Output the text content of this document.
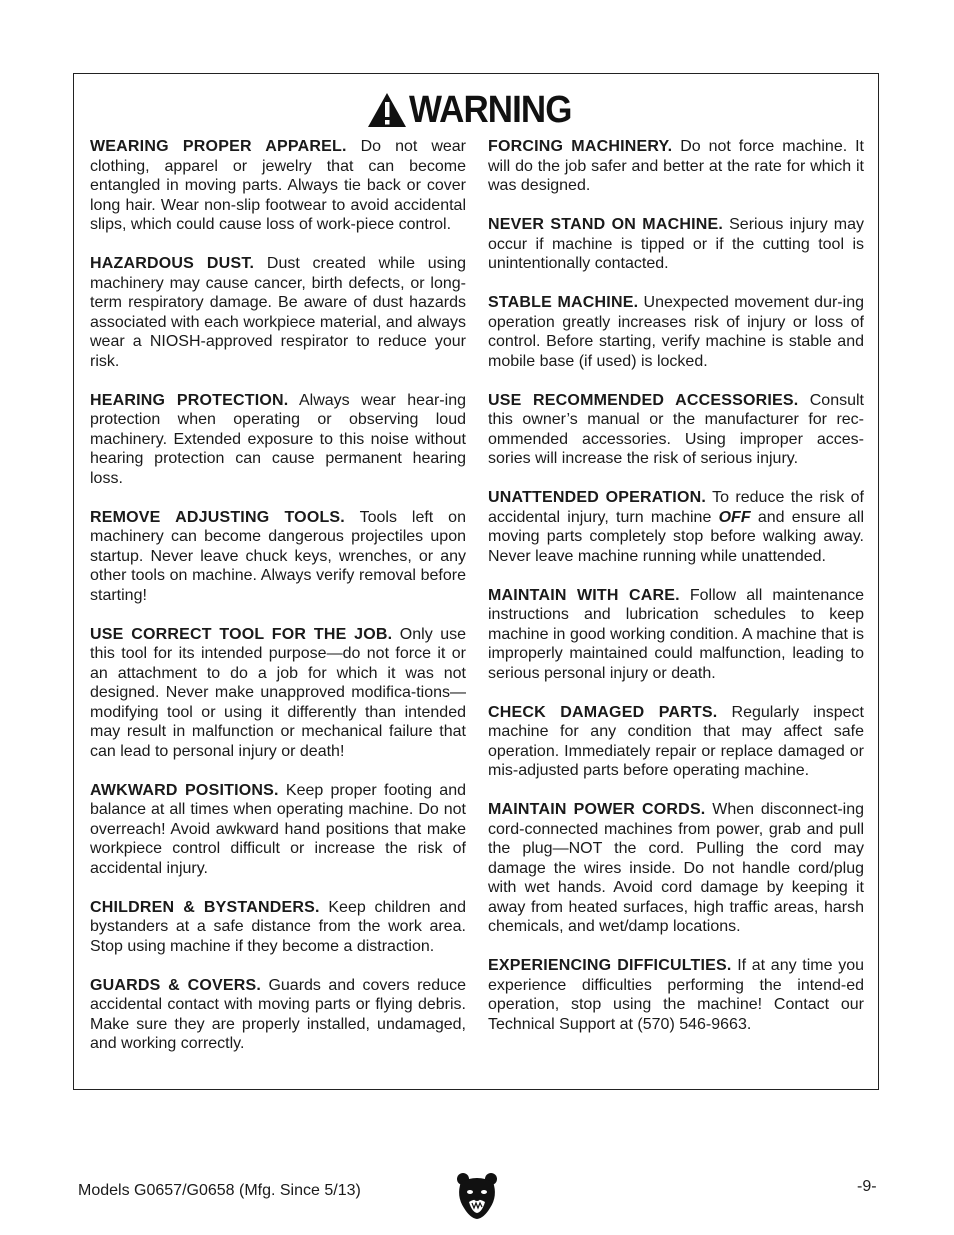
WARNING

WEARING PROPER APPAREL. Do not wear clothing, apparel or jewelry that can become entangled in moving parts. Always tie back or cover long hair. Wear non-slip footwear to avoid accidental slips, which could cause loss of work-piece control.

HAZARDOUS DUST. Dust created while using machinery may cause cancer, birth defects, or long-term respiratory damage. Be aware of dust hazards associated with each workpiece material, and always wear a NIOSH-approved respirator to reduce your risk.

HEARING PROTECTION. Always wear hear-ing protection when operating or observing loud machinery. Extended exposure to this noise without hearing protection can cause permanent hearing loss.

REMOVE ADJUSTING TOOLS. Tools left on machinery can become dangerous projectiles upon startup. Never leave chuck keys, wrenches, or any other tools on machine. Always verify removal before starting!

USE CORRECT TOOL FOR THE JOB. Only use this tool for its intended purpose—do not force it or an attachment to do a job for which it was not designed. Never make unapproved modifica-tions—modifying tool or using it differently than intended may result in malfunction or mechanical failure that can lead to personal injury or death!

AWKWARD POSITIONS. Keep proper footing and balance at all times when operating machine. Do not overreach! Avoid awkward hand positions that make workpiece control difficult or increase the risk of accidental injury.

CHILDREN & BYSTANDERS. Keep children and bystanders at a safe distance from the work area. Stop using machine if they become a distraction.

GUARDS & COVERS. Guards and covers reduce accidental contact with moving parts or flying debris. Make sure they are properly installed, undamaged, and working correctly.

FORCING MACHINERY. Do not force machine. It will do the job safer and better at the rate for which it was designed.

NEVER STAND ON MACHINE. Serious injury may occur if machine is tipped or if the cutting tool is unintentionally contacted.

STABLE MACHINE. Unexpected movement dur-ing operation greatly increases risk of injury or loss of control. Before starting, verify machine is stable and mobile base (if used) is locked.

USE RECOMMENDED ACCESSORIES. Consult this owner’s manual or the manufacturer for rec-ommended accessories. Using improper acces-sories will increase the risk of serious injury.

UNATTENDED OPERATION. To reduce the risk of accidental injury, turn machine OFF and ensure all moving parts completely stop before walking away. Never leave machine running while unattended.

MAINTAIN WITH CARE. Follow all maintenance instructions and lubrication schedules to keep machine in good working condition. A machine that is improperly maintained could malfunction, leading to serious personal injury or death.

CHECK DAMAGED PARTS. Regularly inspect machine for any condition that may affect safe operation. Immediately repair or replace damaged or mis-adjusted parts before operating machine.

MAINTAIN POWER CORDS. When disconnect-ing cord-connected machines from power, grab and pull the plug—NOT the cord. Pulling the cord may damage the wires inside. Do not handle cord/plug with wet hands. Avoid cord damage by keeping it away from heated surfaces, high traffic areas, harsh chemicals, and wet/damp locations.

EXPERIENCING DIFFICULTIES. If at any time you experience difficulties performing the intend-ed operation, stop using the machine! Contact our Technical Support at (570) 546-9663.

Models G0657/G0658 (Mfg. Since 5/13)	-9-
